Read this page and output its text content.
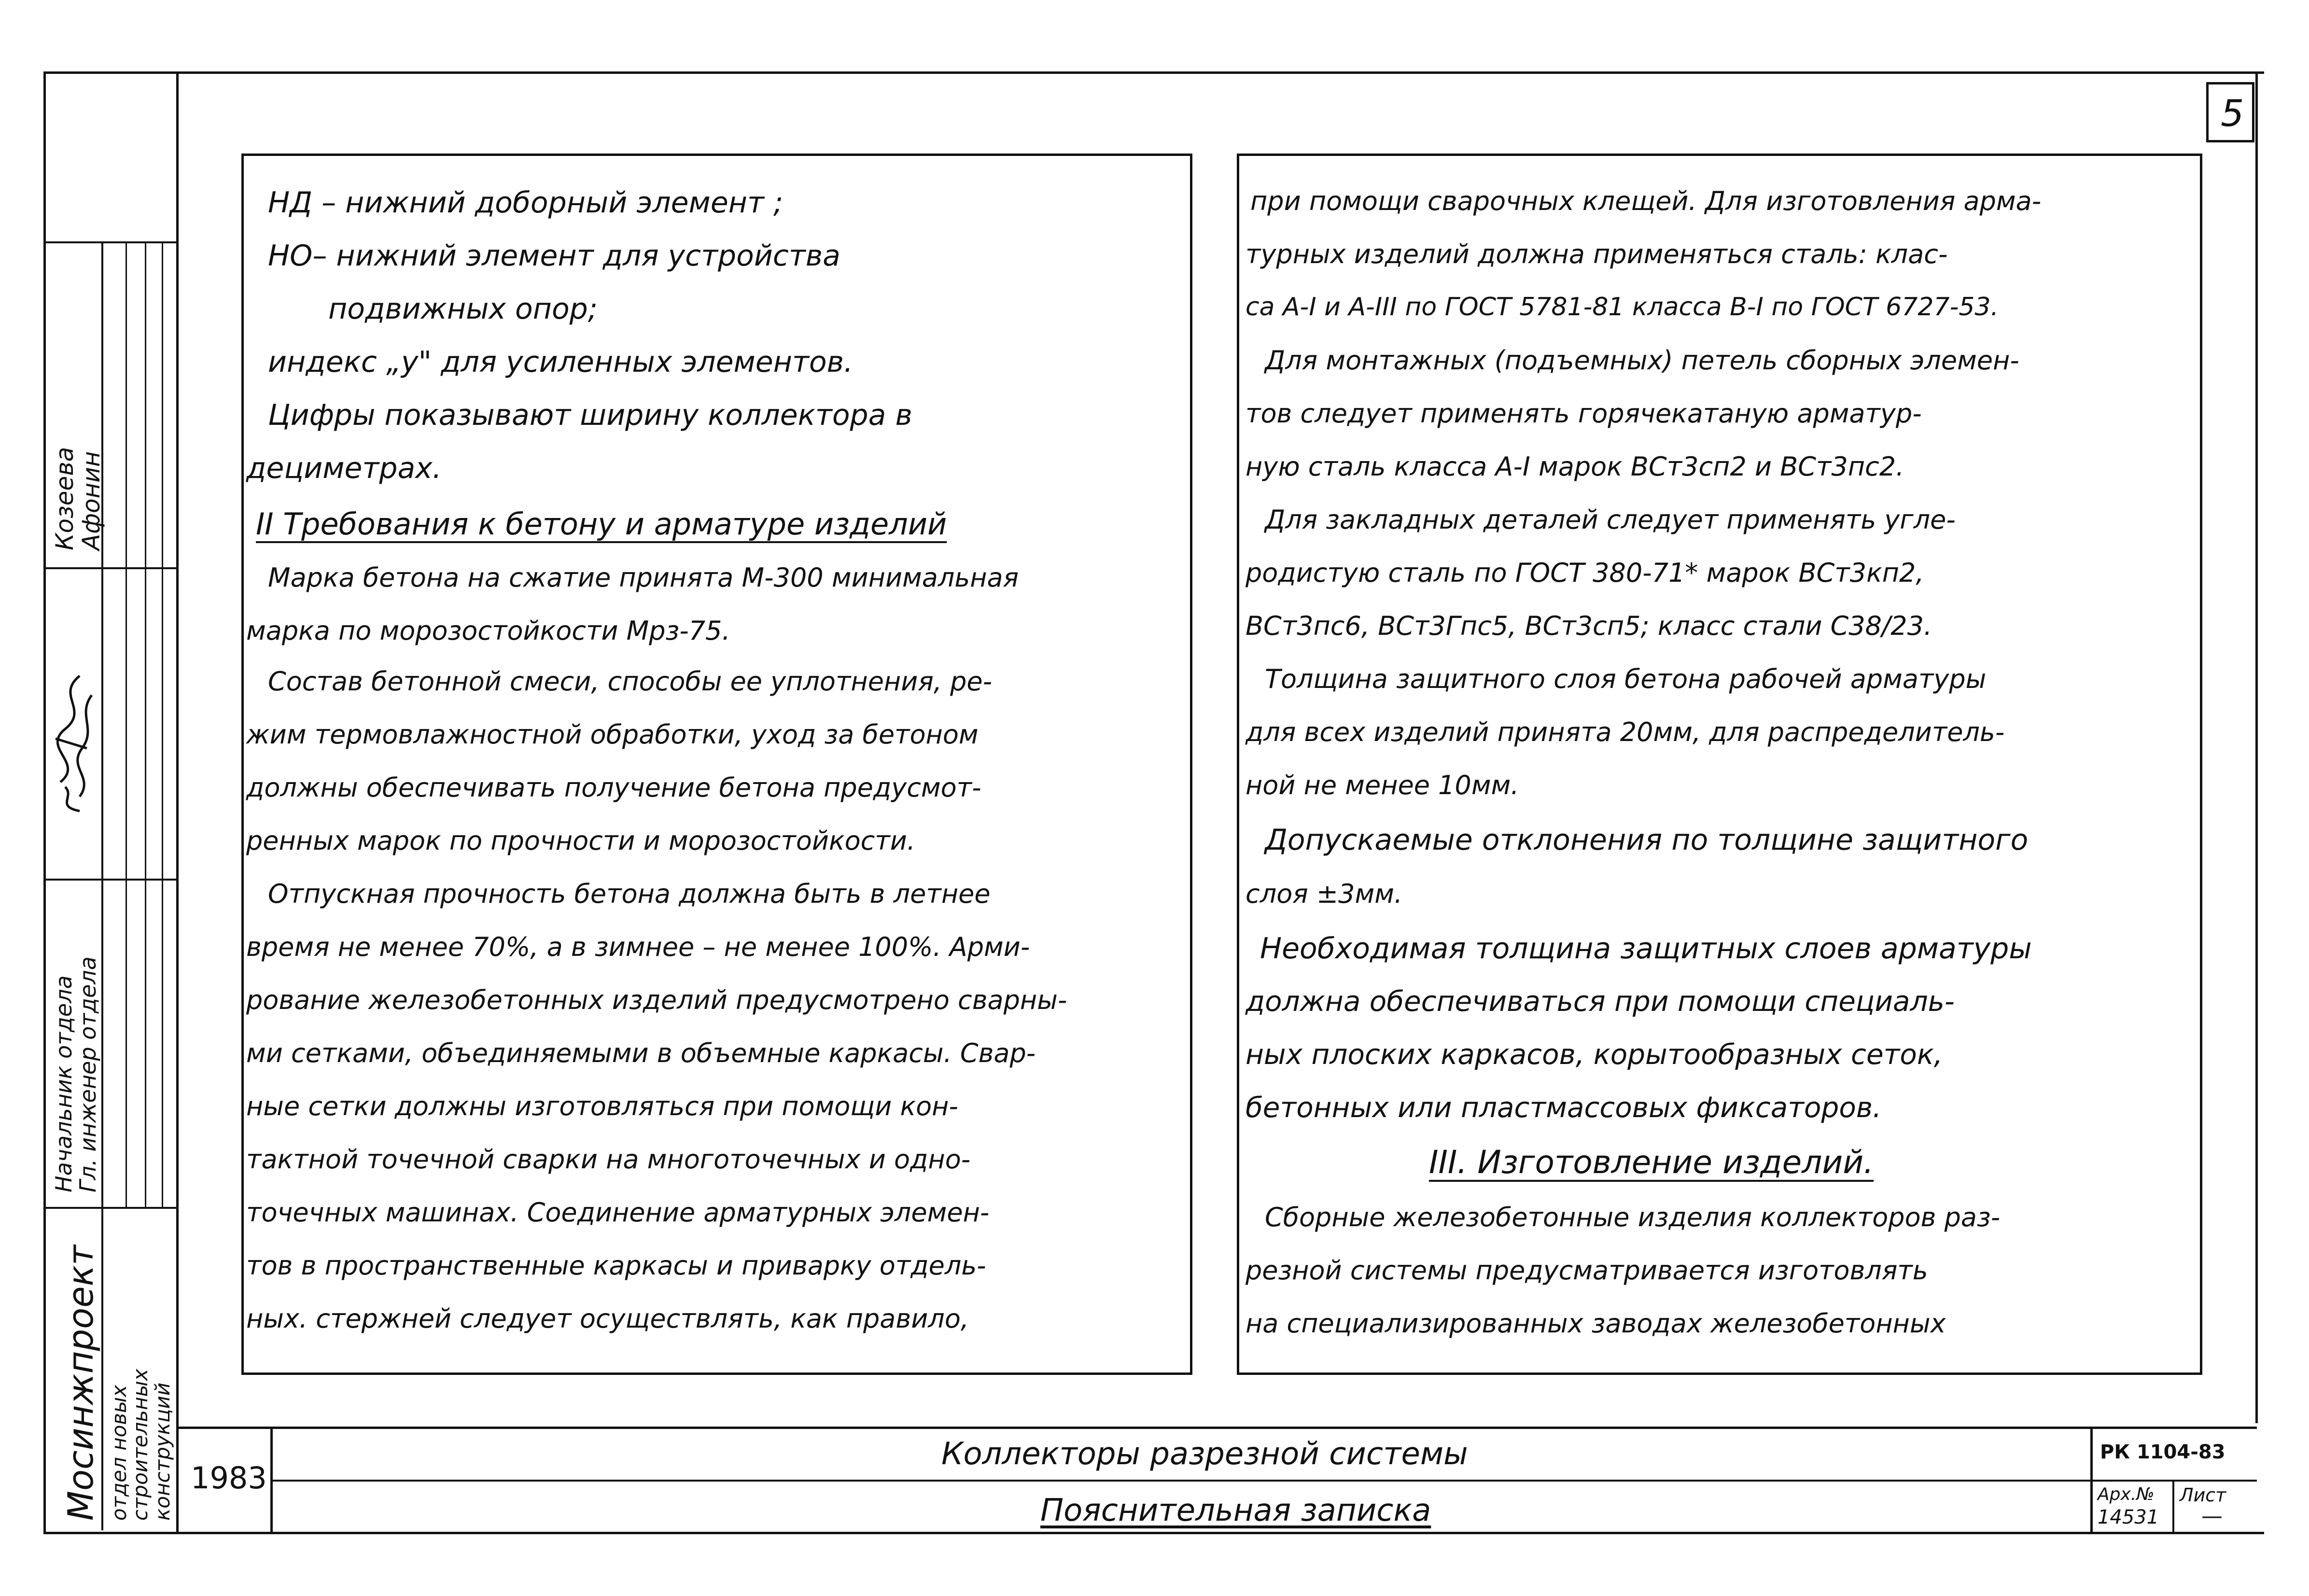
5
НД – нижний доборный элемент ;
НО– нижний элемент для устройства
подвижных опор;
индекс „у" для усиленных элементов.
Цифры показывают ширину коллектора в
дециметрах.
II Требования к бетону и арматуре изделий
Марка бетона на сжатие принята М-300 минимальная
марка по морозостойкости Мрз-75.
Состав бетонной смеси, способы ее уплотнения, ре-
жим термовлажностной обработки, уход за бетоном
должны обеспечивать получение бетона предусмот-
ренных марок по прочности и морозостойкости.
Отпускная прочность бетона должна быть в летнее
время не менее 70%, а в зимнее – не менее 100%. Арми-
рование железобетонных изделий предусмотрено сварны-
ми сетками, объединяемыми в объемные каркасы. Свар-
ные сетки должны изготовляться при помощи кон-
тактной точечной сварки на многоточечных и одно-
точечных машинах. Соединение арматурных элемен-
тов в пространственные каркасы и приварку отдель-
ных. стержней следует осуществлять, как правило,
при помощи сварочных клещей. Для изготовления арма-
турных изделий должна применяться сталь: клас-
са А-I и А-III по ГОСТ 5781-81 класса В-I по ГОСТ 6727-53.
Для монтажных (подъемных) петель сборных элемен-
тов следует применять горячекатаную арматур-
ную сталь класса А-I марок ВСт3сп2 и ВСт3пс2.
Для закладных деталей следует применять угле-
родистую сталь по ГОСТ 380-71* марок ВСт3кп2,
ВСт3пс6, ВСт3Гпс5, ВСт3сп5; класс стали С38/23.
Толщина защитного слоя бетона рабочей арматуры
для всех изделий принята 20мм, для распределитель-
ной не менее 10мм.
Допускаемые отклонения по толщине защитного
слоя ±3мм.
Необходимая толщина защитных слоев арматуры
должна обеспечиваться при помощи специаль-
ных плоских каркасов, корытообразных сеток,
бетонных или пластмассовых фиксаторов.
III. Изготовление изделий.
Сборные железобетонные изделия коллекторов раз-
резной системы предусматривается изготовлять
на специализированных заводах железобетонных
1983
Коллекторы разрезной системы
Пояснительная записка
РК 1104-83
Арх.№
14531
Лист
—
Мосинжпроект отдел новых
строительных
конструкций
Начальник отдела
Гл. инженер отдела
Козеева
Афонин
